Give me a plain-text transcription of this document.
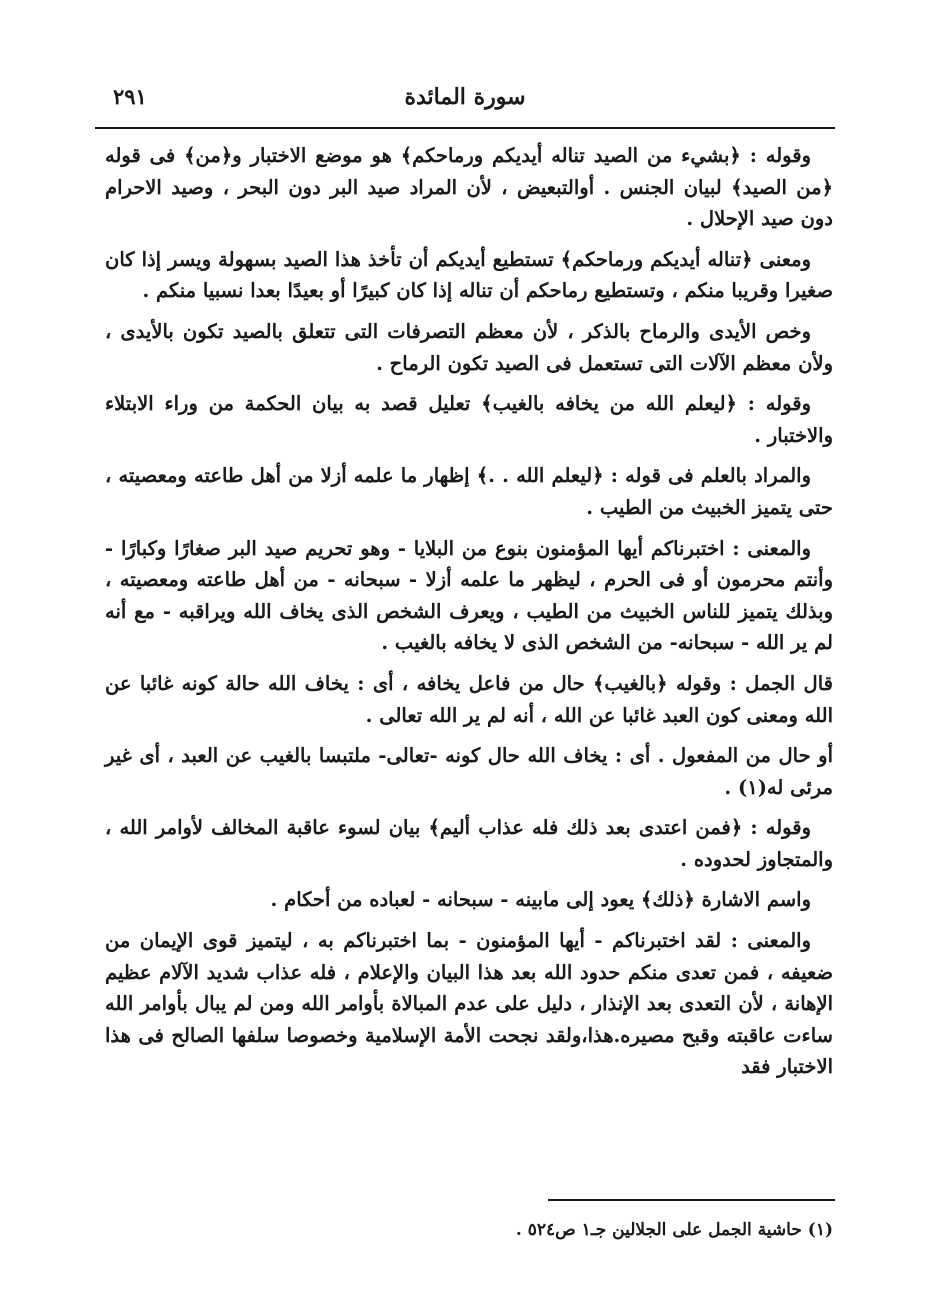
٢٩١	سورة المائدة

وقوله : ﴿بشيء من الصيد تناله أيديكم ورماحكم﴾ هو موضع الاختبار و﴿من﴾ فى قوله ﴿من الصيد﴾ لبيان الجنس . أوالتبعيض ، لأن المراد صيد البر دون البحر ، وصيد الاحرام دون صيد الإحلال .

ومعنى ﴿تناله أيديكم ورماحكم﴾ تستطيع أيديكم أن تأخذ هذا الصيد بسهولة ويسر إذا كان صغيرا وقريبا منكم ، وتستطيع رماحكم أن تناله إذا كان كبيرًا أو بعيدًا بعدا نسبيا منكم .

وخص الأيدى والرماح بالذكر ، لأن معظم التصرفات التى تتعلق بالصيد تكون بالأيدى ، ولأن معظم الآلات التى تستعمل فى الصيد تكون الرماح .

وقوله : ﴿ليعلم الله من يخافه بالغيب﴾ تعليل قصد به بيان الحكمة من وراء الابتلاء والاختبار .

والمراد بالعلم فى قوله : ﴿ليعلم الله . .﴾ إظهار ما علمه أزلا من أهل طاعته ومعصيته ، حتى يتميز الخبيث من الطيب .

والمعنى : اختبرناكم أيها المؤمنون بنوع من البلايا - وهو تحريم صيد البر صغارًا وكبارًا - وأنتم محرمون أو فى الحرم ، ليظهر ما علمه أزلا - سبحانه - من أهل طاعته ومعصيته ، وبذلك يتميز للناس الخبيث من الطيب ، ويعرف الشخص الذى يخاف الله ويراقبه - مع أنه لم ير الله - سبحانه- من الشخص الذى لا يخافه بالغيب .

قال الجمل : وقوله ﴿بالغيب﴾ حال من فاعل يخافه ، أى : يخاف الله حالة كونه غائبا عن الله ومعنى كون العبد غائبا عن الله ، أنه لم ير الله تعالى .

أو حال من المفعول . أى : يخاف الله حال كونه -تعالى- ملتبسا بالغيب عن العبد ، أى غير مرئى له(١) .

وقوله : ﴿فمن اعتدى بعد ذلك فله عذاب أليم﴾ بيان لسوء عاقبة المخالف لأوامر الله ، والمتجاوز لحدوده .

واسم الاشارة ﴿ذلك﴾ يعود إلى مابينه - سبحانه - لعباده من أحكام .

والمعنى : لقد اختبرناكم - أيها المؤمنون - بما اختبرناكم به ، ليتميز قوى الإيمان من ضعيفه ، فمن تعدى منكم حدود الله بعد هذا البيان والإعلام ، فله عذاب شديد الآلام عظيم الإهانة ، لأن التعدى بعد الإنذار ، دليل على عدم المبالاة بأوامر الله ومن لم يبال بأوامر الله ساءت عاقبته وقبح مصيره.هذا،ولقد نجحت الأمة الإسلامية وخصوصا سلفها الصالح فى هذا الاختبار فقد

(١) حاشية الجمل على الجلالين جـ١ ص٥٢٤ .
